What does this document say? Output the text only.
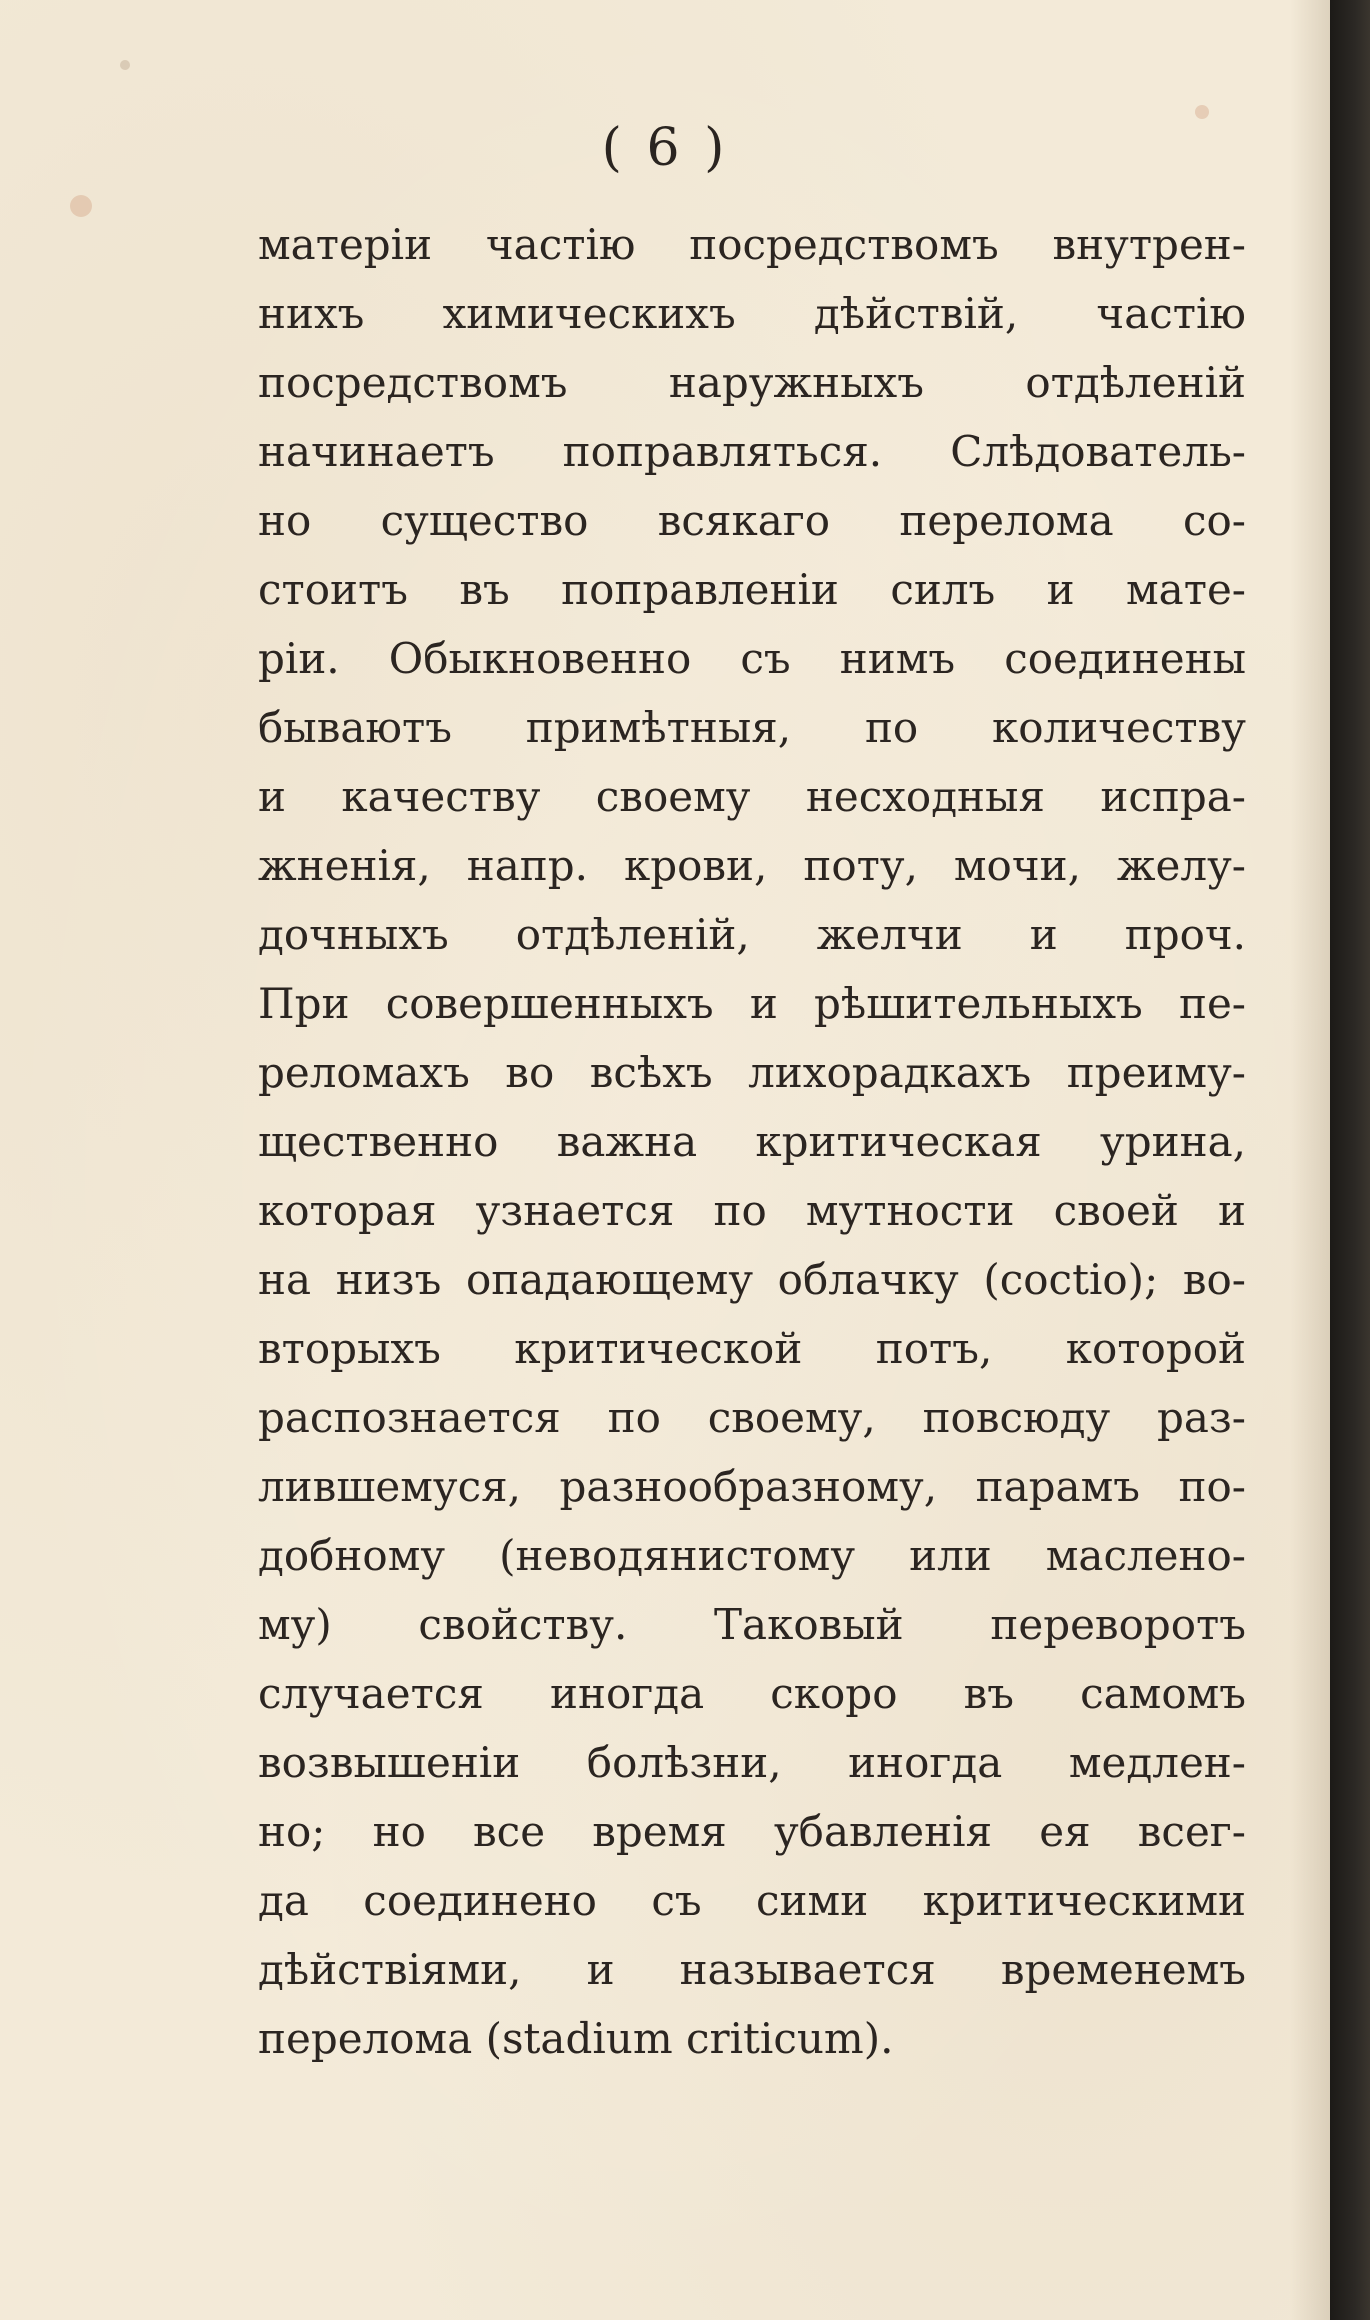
( 6 )
матерiи частiю посредствомъ внутрен-
нихъ химическихъ дѣйствiй, частiю
посредствомъ наружныхъ отдѣленiй
начинаетъ поправляться. Слѣдователь-
но существо всякаго перелома со-
стоитъ въ поправленiи силъ и мате-
рiи. Обыкновенно съ нимъ соединены
бываютъ примѣтныя, по количеству
и качеству своему несходныя испра-
жненiя, напр. крови, поту, мочи, желу-
дочныхъ отдѣленiй, желчи и проч.
При совершенныхъ и рѣшительныхъ пе-
реломахъ во всѣхъ лихорадкахъ преиму-
щественно важна критическая урина,
которая узнается по мутности своей и
на низъ опадающему облачку (coctio); во-
вторыхъ критической потъ, которой
распознается по своему, повсюду раз-
лившемуся, разнообразному, парамъ по-
добному (неводянистому или маслено-
му) свойству. Таковый переворотъ
случается иногда скоро въ самомъ
возвышенiи болѣзни, иногда медлен-
но; но все время убавленiя ея всег-
да соединено съ сими критическими
дѣйствiями, и называется временемъ
перелома (stadium criticum).
